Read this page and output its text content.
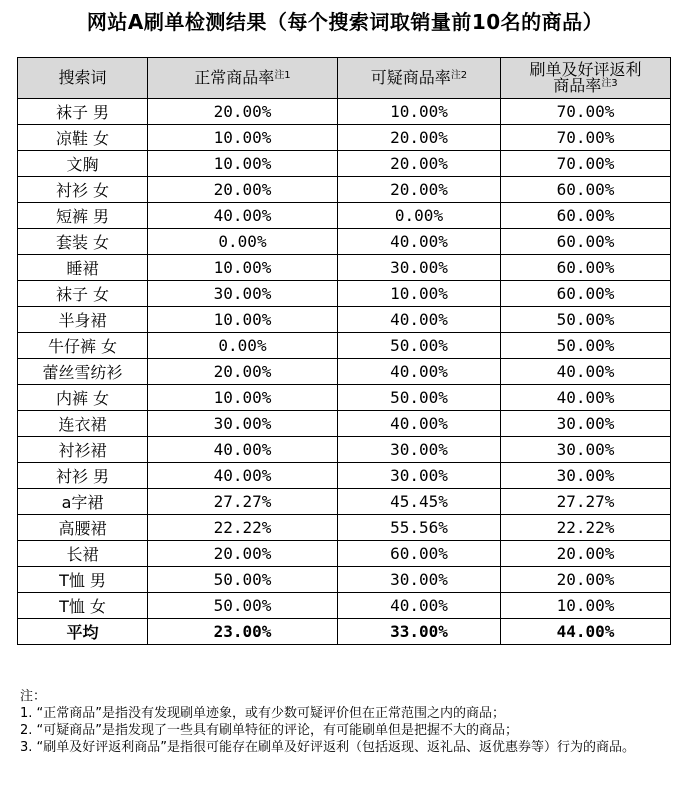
网站A刷单检测结果（每个搜索词取销量前10名的商品）
搜索词	正常商品率$^{注1}$	可疑商品率$^{注2}$	刷单及好评返利
商品率$^{注3}$
袜子 男	20.00%	10.00%	70.00%
凉鞋 女	10.00%	20.00%	70.00%
文胸	10.00%	20.00%	70.00%
衬衫 女	20.00%	20.00%	60.00%
短裤 男	40.00%	0.00%	60.00%
套装 女	0.00%	40.00%	60.00%
睡裙	10.00%	30.00%	60.00%
袜子 女	30.00%	10.00%	60.00%
半身裙	10.00%	40.00%	50.00%
牛仔裤 女	0.00%	50.00%	50.00%
蕾丝雪纺衫	20.00%	40.00%	40.00%
内裤 女	10.00%	50.00%	40.00%
连衣裙	30.00%	40.00%	30.00%
衬衫裙	40.00%	30.00%	30.00%
衬衫 男	40.00%	30.00%	30.00%
a字裙	27.27%	45.45%	27.27%
高腰裙	22.22%	55.56%	22.22%
长裙	20.00%	60.00%	20.00%
T恤 男	50.00%	30.00%	20.00%
T恤 女	50.00%	40.00%	10.00%
平均	23.00%	33.00%	44.00%
注：
1. “正常商品”是指没有发现刷单迹象，或有少数可疑评价但在正常范围之内的商品；
2. “可疑商品”是指发现了一些具有刷单特征的评论，有可能刷单但是把握不大的商品；
3. “刷单及好评返利商品”是指很可能存在刷单及好评返利（包括返现、返礼品、返优惠券等）行为的商品。
